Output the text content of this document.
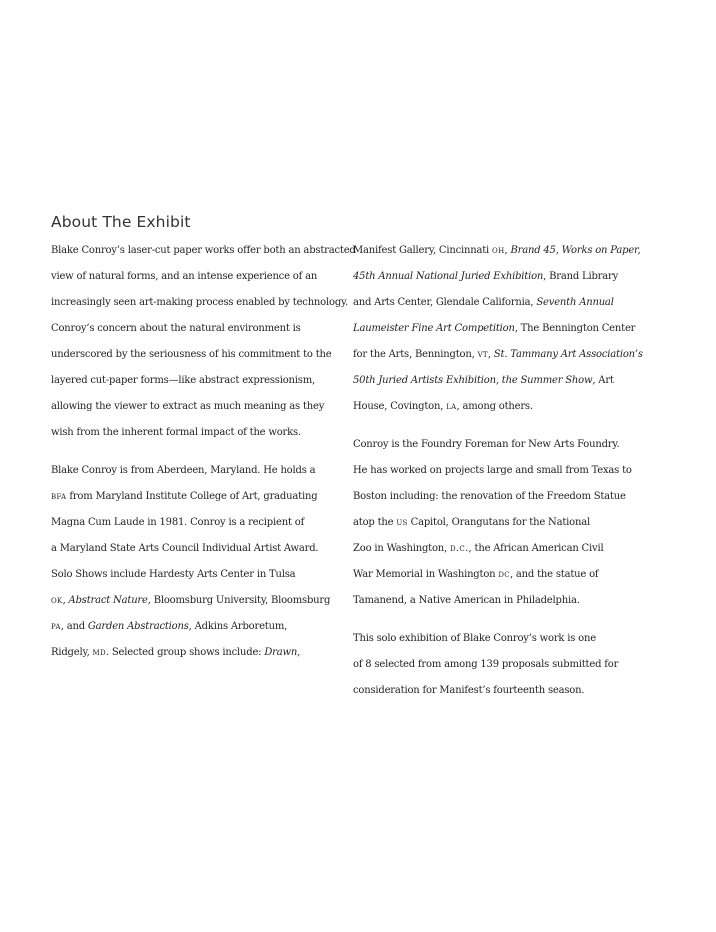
About The Exhibit
Blake Conroy’s laser-cut paper works offer both an abstracted
view of natural forms, and an intense experience of an
increasingly seen art-making process enabled by technology.
Conroy’s concern about the natural environment is
underscored by the seriousness of his commitment to the
layered cut-paper forms—like abstract expressionism,
allowing the viewer to extract as much meaning as they
wish from the inherent formal impact of the works.
Blake Conroy is from Aberdeen, Maryland. He holds a
bfa from Maryland Institute College of Art, graduating
Magna Cum Laude in 1981. Conroy is a recipient of
a Maryland State Arts Council Individual Artist Award.
Solo Shows include Hardesty Arts Center in Tulsa
ok, Abstract Nature, Bloomsburg University, Bloomsburg
pa, and Garden Abstractions, Adkins Arboretum,
Ridgely, md. Selected group shows include: Drawn,
Manifest Gallery, Cincinnati oh, Brand 45, Works on Paper,
45th Annual National Juried Exhibition, Brand Library
and Arts Center, Glendale California, Seventh Annual
Laumeister Fine Art Competition, The Bennington Center
for the Arts, Bennington, vt, St. Tammany Art Association’s
50th Juried Artists Exhibition, the Summer Show, Art
House, Covington, la, among others.
Conroy is the Foundry Foreman for New Arts Foundry.
He has worked on projects large and small from Texas to
Boston including: the renovation of the Freedom Statue
atop the us Capitol, Orangutans for the National
Zoo in Washington, d.c., the African American Civil
War Memorial in Washington dc, and the statue of
Tamanend, a Native American in Philadelphia.
This solo exhibition of Blake Conroy’s work is one
of 8 selected from among 139 proposals submitted for
consideration for Manifest’s fourteenth season.
